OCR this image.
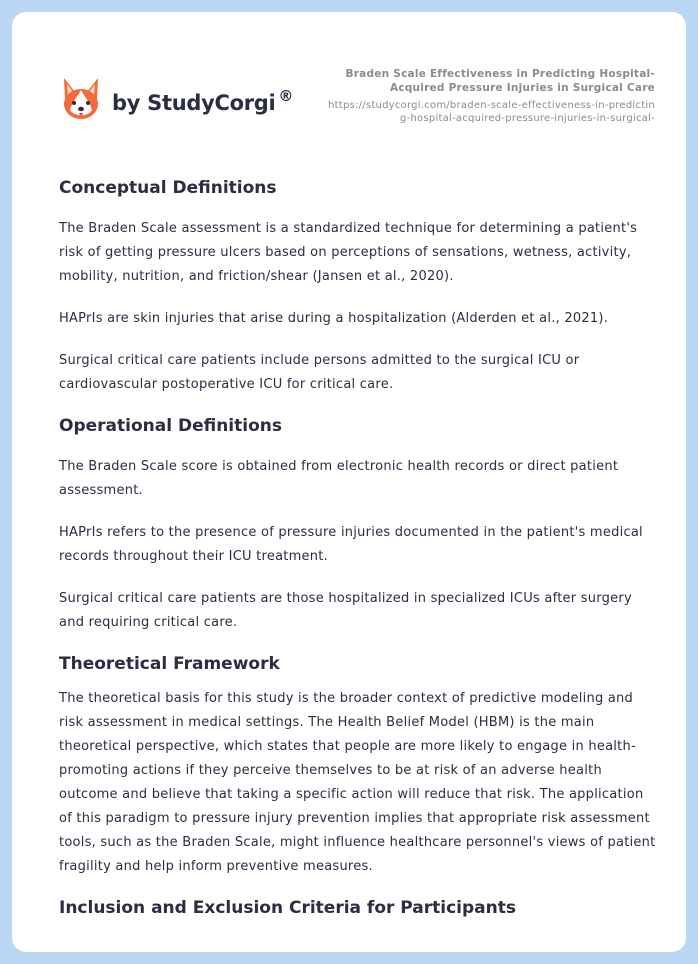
by StudyCorgi ®

Braden Scale Effectiveness in Predicting Hospital-Acquired Pressure Injuries in Surgical Care

https://studycorgi.com/braden-scale-effectiveness-in-predicting-hospital-acquired-pressure-injuries-in-surgical-

Conceptual Definitions

The Braden Scale assessment is a standardized technique for determining a patient's risk of getting pressure ulcers based on perceptions of sensations, wetness, activity, mobility, nutrition, and friction/shear (Jansen et al., 2020).

HAPrIs are skin injuries that arise during a hospitalization (Alderden et al., 2021).

Surgical critical care patients include persons admitted to the surgical ICU or cardiovascular postoperative ICU for critical care.

Operational Definitions

The Braden Scale score is obtained from electronic health records or direct patient assessment.

HAPrIs refers to the presence of pressure injuries documented in the patient's medical records throughout their ICU treatment.

Surgical critical care patients are those hospitalized in specialized ICUs after surgery and requiring critical care.

Theoretical Framework

The theoretical basis for this study is the broader context of predictive modeling and risk assessment in medical settings. The Health Belief Model (HBM) is the main theoretical perspective, which states that people are more likely to engage in health-promoting actions if they perceive themselves to be at risk of an adverse health outcome and believe that taking a specific action will reduce that risk. The application of this paradigm to pressure injury prevention implies that appropriate risk assessment tools, such as the Braden Scale, might influence healthcare personnel's views of patient fragility and help inform preventive measures.

Inclusion and Exclusion Criteria for Participants
